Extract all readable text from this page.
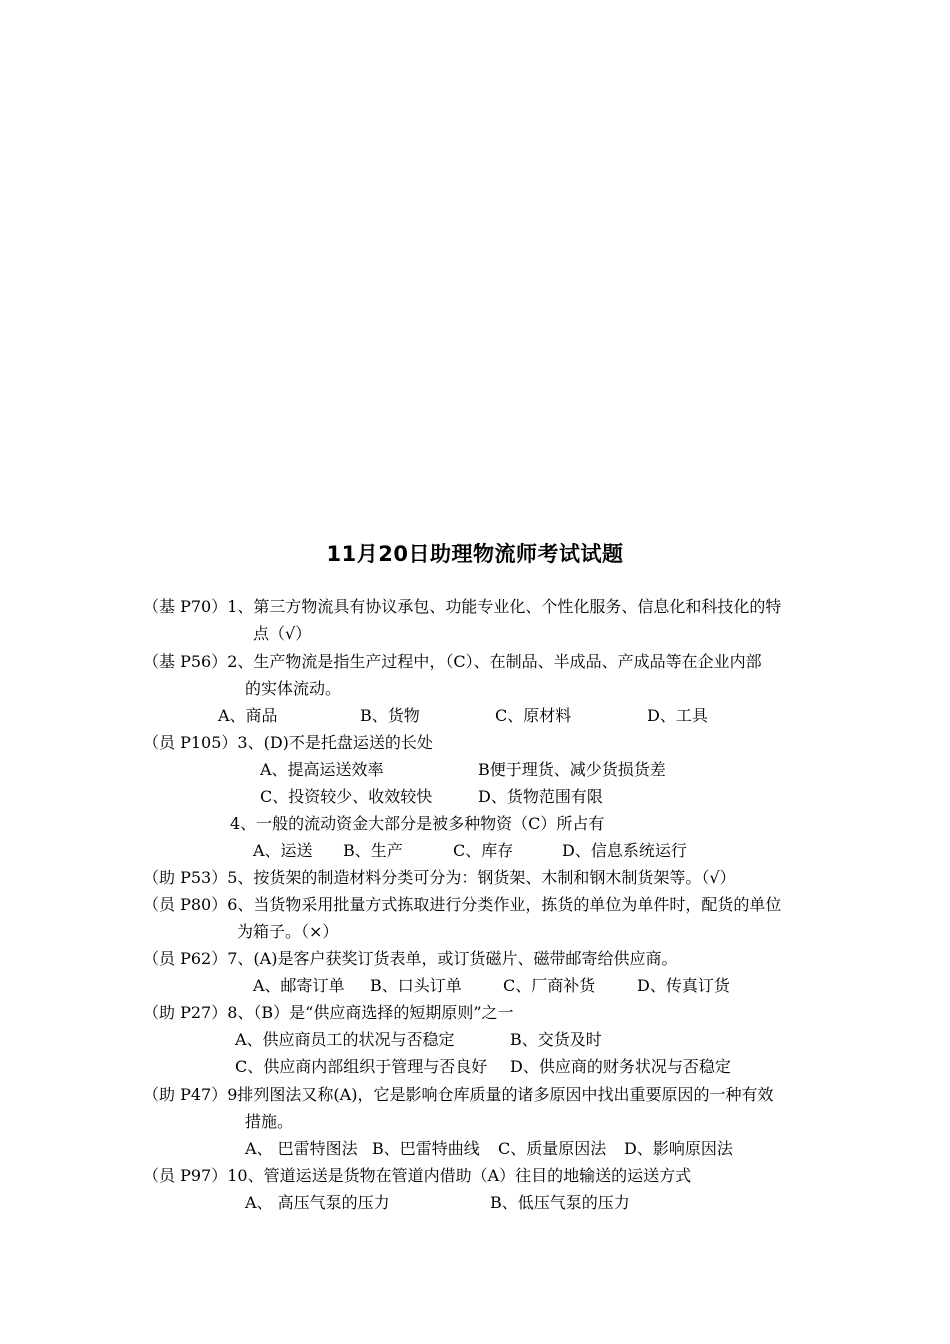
11月20日助理物流师考试试题
（基 P70）1、第三方物流具有协议承包、功能专业化、个性化服务、信息化和科技化的特
点（√）
（基 P56）2、生产物流是指生产过程中，（C）、在制品、半成品、产成品等在企业内部
的实体流动。
A、商品	B、货物	C、原材料	D、工具
（员 P105）3、(D)不是托盘运送的长处
A、提高运送效率	B便于理货、减少货损货差
C、投资较少、收效较快	D、货物范围有限
4、一般的流动资金大部分是被多种物资（C）所占有
A、运送 B、生产	C、库存	D、信息系统运行
（助 P53）5、按货架的制造材料分类可分为：钢货架、木制和钢木制货架等。（√）
（员 P80）6、当货物采用批量方式拣取进行分类作业，拣货的单位为单件时，配货的单位
为箱子。（×）
（员 P62）7、(A)是客户获奖订货表单，或订货磁片、磁带邮寄给供应商。
A、邮寄订单 B、口头订单	C、厂商补货	D、传真订货
（助 P27）8、（B）是“供应商选择的短期原则”之一
A、供应商员工的状况与否稳定	B、交货及时
C、供应商内部组织于管理与否良好 D、供应商的财务状况与否稳定
（助 P47）9排列图法又称(A)，它是影响仓库质量的诸多原因中找出重要原因的一种有效
措施。
A、 巴雷特图法 B、巴雷特曲线 C、质量原因法 D、影响原因法
（员 P97）10、管道运送是货物在管道内借助（A）往目的地输送的运送方式
A、 高压气泵的压力	B、低压气泵的压力
